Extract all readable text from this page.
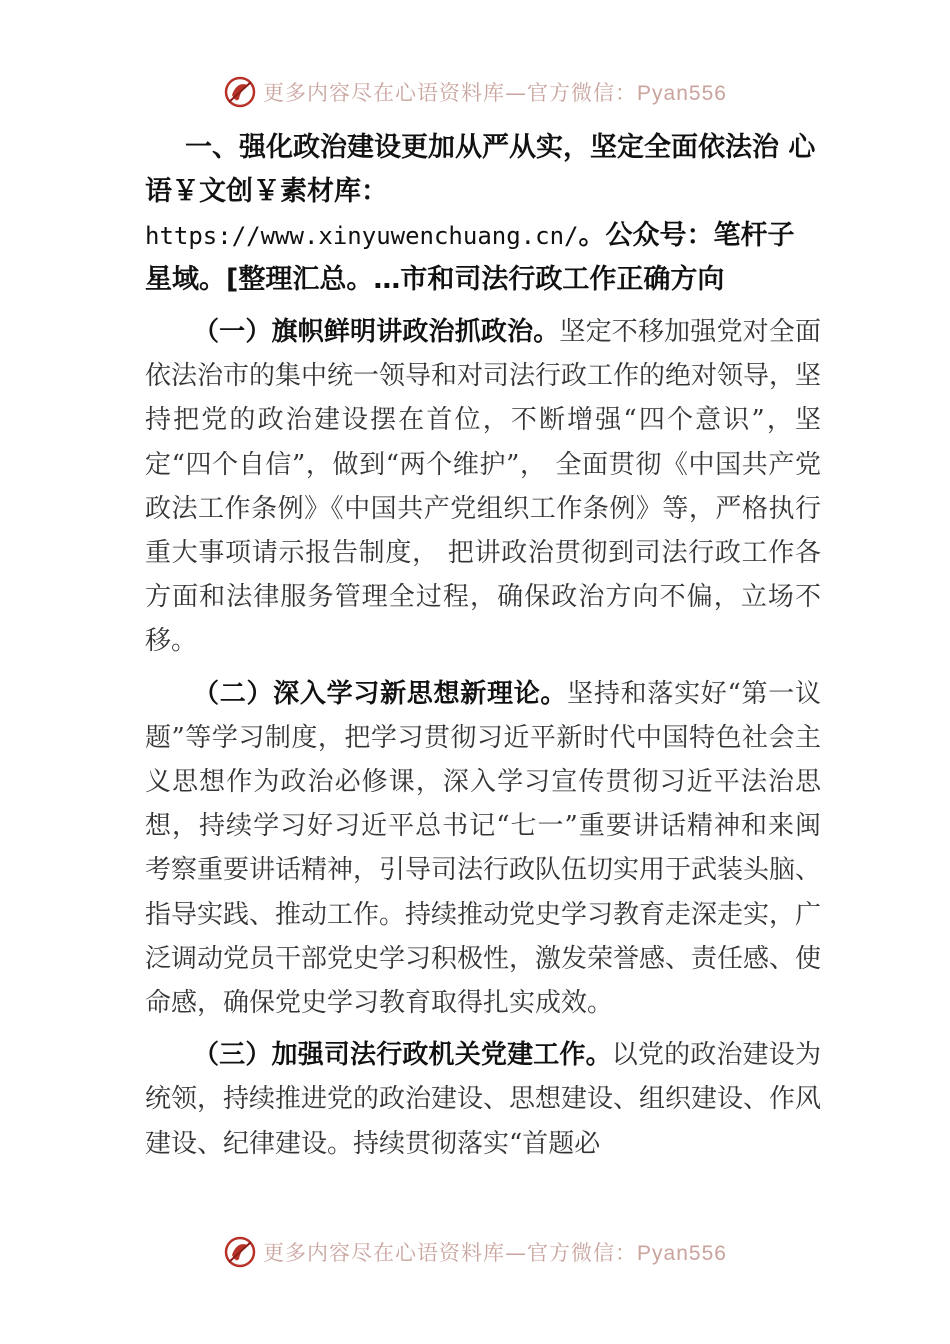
更多内容尽在心语资料库—官方微信：Pyan556

一、强化政治建设更加从严从实，坚定全面依法治 心语￥文创￥素材库：https://www.xinyuwenchuang.cn/。公众号：笔杆子星域。[整理汇总。…市和司法行政工作正确方向

（一）旗帜鲜明讲政治抓政治。坚定不移加强党对全面依法治市的集中统一领导和对司法行政工作的绝对领导，坚持把党的政治建设摆在首位，不断增强“四个意识”，坚定“四个自信”，做到“两个维护”， 全面贯彻《中国共产党政法工作条例》《中国共产党组织工作条例》等，严格执行重大事项请示报告制度， 把讲政治贯彻到司法行政工作各方面和法律服务管理全过程，确保政治方向不偏，立场不移。

（二）深入学习新思想新理论。坚持和落实好“第一议题”等学习制度，把学习贯彻习近平新时代中国特色社会主义思想作为政治必修课，深入学习宣传贯彻习近平法治思想，持续学习好习近平总书记“七一”重要讲话精神和来闽考察重要讲话精神，引导司法行政队伍切实用于武装头脑、指导实践、推动工作。持续推动党史学习教育走深走实，广泛调动党员干部党史学习积极性，激发荣誉感、责任感、使命感，确保党史学习教育取得扎实成效。

（三）加强司法行政机关党建工作。以党的政治建设为统领，持续推进党的政治建设、思想建设、组织建设、作风建设、纪律建设。持续贯彻落实“首题必

更多内容尽在心语资料库—官方微信：Pyan556
